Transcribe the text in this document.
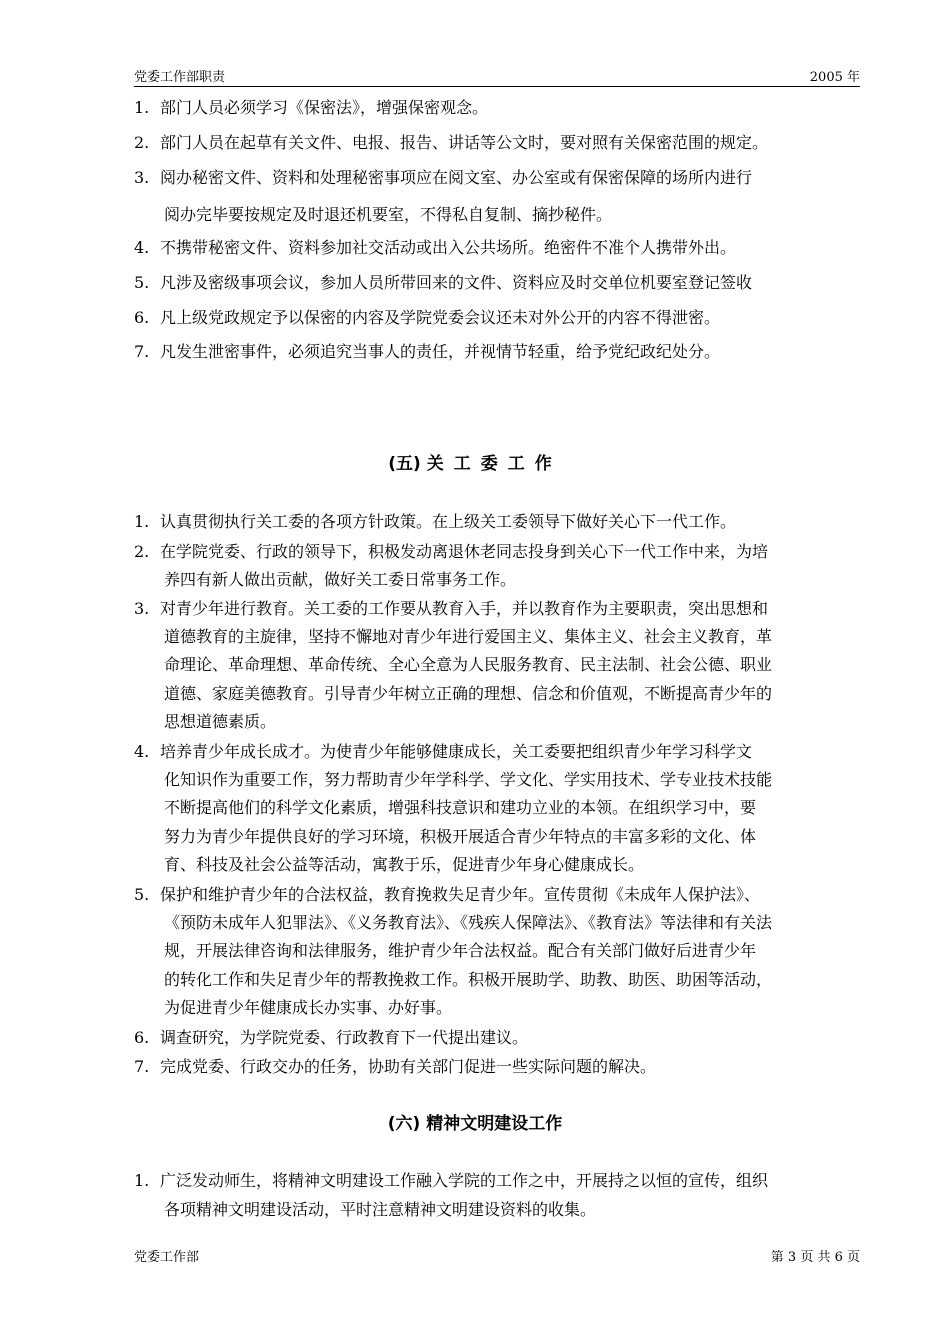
党委工作部职责	2005 年
1. 部门人员必须学习《保密法》，增强保密观念。
2. 部门人员在起草有关文件、电报、报告、讲话等公文时，要对照有关保密范围的规定。
3. 阅办秘密文件、资料和处理秘密事项应在阅文室、办公室或有保密保障的场所内进行
阅办完毕要按规定及时退还机要室，不得私自复制、摘抄秘件。
4. 不携带秘密文件、资料参加社交活动或出入公共场所。绝密件不准个人携带外出。
5. 凡涉及密级事项会议，参加人员所带回来的文件、资料应及时交单位机要室登记签收
6. 凡上级党政规定予以保密的内容及学院党委会议还未对外公开的内容不得泄密。
7. 凡发生泄密事件，必须追究当事人的责任，并视情节轻重，给予党纪政纪处分。
(五) 关工委工作
1. 认真贯彻执行关工委的各项方针政策。在上级关工委领导下做好关心下一代工作。
2. 在学院党委、行政的领导下，积极发动离退休老同志投身到关心下一代工作中来，为培
养四有新人做出贡献，做好关工委日常事务工作。
3. 对青少年进行教育。关工委的工作要从教育入手，并以教育作为主要职责，突出思想和
道德教育的主旋律，坚持不懈地对青少年进行爱国主义、集体主义、社会主义教育，革
命理论、革命理想、革命传统、全心全意为人民服务教育、民主法制、社会公德、职业
道德、家庭美德教育。引导青少年树立正确的理想、信念和价值观，不断提高青少年的
思想道德素质。
4. 培养青少年成长成才。为使青少年能够健康成长，关工委要把组织青少年学习科学文
化知识作为重要工作，努力帮助青少年学科学、学文化、学实用技术、学专业技术技能
不断提高他们的科学文化素质，增强科技意识和建功立业的本领。在组织学习中，要
努力为青少年提供良好的学习环境，积极开展适合青少年特点的丰富多彩的文化、体
育、科技及社会公益等活动，寓教于乐，促进青少年身心健康成长。
5. 保护和维护青少年的合法权益，教育挽救失足青少年。宣传贯彻《未成年人保护法》、
《预防未成年人犯罪法》、《义务教育法》、《残疾人保障法》、《教育法》等法律和有关法
规，开展法律咨询和法律服务，维护青少年合法权益。配合有关部门做好后进青少年
的转化工作和失足青少年的帮教挽救工作。积极开展助学、助教、助医、助困等活动，
为促进青少年健康成长办实事、办好事。
6. 调查研究，为学院党委、行政教育下一代提出建议。
7. 完成党委、行政交办的任务，协助有关部门促进一些实际问题的解决。
(六) 精神文明建设工作
1. 广泛发动师生，将精神文明建设工作融入学院的工作之中，开展持之以恒的宣传，组织
各项精神文明建设活动，平时注意精神文明建设资料的收集。
党委工作部	第 3 页 共 6 页
